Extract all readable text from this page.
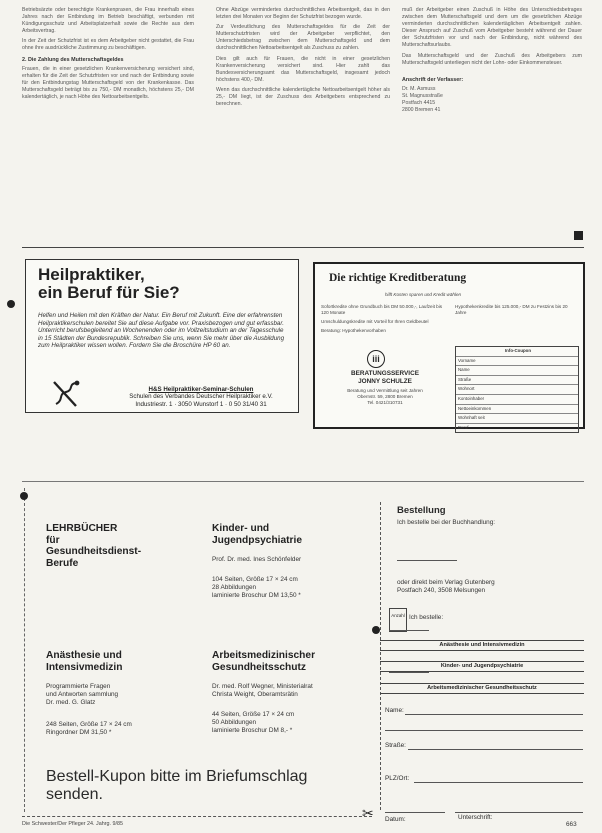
Betriebsärzte oder berechtigte Krankenpraxen, die Frau innerhalb eines Jahres nach der Entbindung im Betrieb beschäftigt, verbunden mit Kündigungsschutz und Arbeitsplatzerhalt sowie die Rechte aus dem Arbeitsvertrag.

In der Zeit der Schutzfrist ist es dem Arbeitgeber nicht gestattet, die Frau ohne ihre ausdrückliche Zustimmung zu beschäftigen.

2. Die Zahlung des Mutterschaftsgeldes

Frauen, die in einer gesetzlichen Krankenversicherung versichert sind, erhalten für die Zeit der Schutzfristen vor und nach der Entbindung sowie für den Entbindungstag Mutterschaftsgeld von der Krankenkasse. Das Mutterschaftsgeld beträgt bis zu 750,- DM monatlich, höchstens 25,- DM kalendertäglich, je nach Höhe des Nettoarbeitsentgelts.

Ohne Abzüge vermindertes durchschnittliches Arbeitsentgelt, das in den letzten drei Monaten vor Beginn der Schutzfrist bezogen wurde.

Zur Verdeutlichung des Mutterschaftsgeldes für die Zeit der Mutterschutzfristen wird der Arbeitgeber verpflichtet, den Unterschiedsbetrag zwischen dem Mutterschaftsgeld und dem durchschnittlichen Nettoarbeitsentgelt als Zuschuss zu zahlen.

Dies gilt auch für Frauen, die nicht in einer gesetzlichen Krankenversicherung versichert sind. Hier zahlt das Bundesversicherungsamt das Mutterschaftsgeld, insgesamt jedoch höchstens 400,- DM.

Wenn das durchschnittliche kalendertägliche Nettoarbeitsentgelt höher als 25,- DM liegt, ist der Zuschuss des Arbeitgebers entsprechend zu berechnen.

muß der Arbeitgeber einen Zuschuß in Höhe des Unterschiedsbetrages zwischen dem Mutterschaftsgeld und dem um die gesetzlichen Abzüge verminderten durchschnittlichen kalendertäglichen Arbeitsentgelt zahlen. Dieser Anspruch auf Zuschuß vom Arbeitgeber besteht während der Dauer der Schutzfristen vor und nach der Entbindung, nicht während des Mutterschaftsurlaubs.

Das Mutterschaftsgeld und der Zuschuß des Arbeitgebers zum Mutterschaftsgeld unterliegen nicht der Lohn- oder Einkommensteuer.

Anschrift der Verfasser:
Dr. M. Asmuss
St. Magnusstraße
Postfach 4415
2800 Bremen 41
Heilpraktiker,
ein Beruf für Sie?
Helfen und Heilen mit den Kräften der Natur. Ein Beruf mit Zukunft. Eine der erfahrensten Heilpraktikerschulen bereitet Sie auf diese Aufgabe vor. Praxisbezogen und gut erfassbar. Unterricht berufsbegleitend an Wochenenden oder im Vollzeitstudium an der Tagesschule in 15 Städten der Bundesrepublik. Schreiben Sie uns, wenn Sie mehr über die Ausbildung zum Heilpraktiker wissen wollen. Fordern Sie die Broschüre HP 60 an.
H&S Heilpraktiker-Seminar-Schulen
Schulen des Verbandes Deutscher Heilpraktiker e.V.
Industriestr. 1 · 3050 Wunstorf 1 · 0 50 31/40 31
Die richtige Kreditberatung
hilft Kosten sparen und Kredit wählen
Sofortkredite ohne Grundbuch bis DM 50.000,-, Laufzeit bis 120 Monate
Umschuldungskredite mit Vorteil für Ihren Geldbeutel
Beratung: Hypothekenvorhaben
Hypothekenkredite bis 125.000,- DM zu Festzins bis 20 Jahre
iii
BERATUNGSSERVICE
JONNY SCHULZE
Beratung und Vermittlung seit Jahren
Obernstr. 59, 2800 Bremen
Tel. 0421/310731
Info-Coupon
Vorname
Name
Straße
Wohnort
Kontoinhaber
Nettoeinkommen
Wohnhaft seit
Beruf
LEHRBÜCHER
für
Gesundheitsdienst-
Berufe
Anästhesie und
Intensivmedizin
Programmierte Fragen
und Antworten sammlung
Dr. med. G. Glatz
248 Seiten, Größe 17 × 24 cm
Ringordner DM 31,50 *
Kinder- und
Jugendpsychiatrie
Prof. Dr. med. Ines Schönfelder
104 Seiten, Größe 17 × 24 cm
28 Abbildungen
laminierte Broschur DM 13,50 *
Arbeitsmedizinischer
Gesundheitsschutz
Dr. med. Rolf Wegner, Ministerialrat
Christa Weight, Oberamtsrätin
44 Seiten, Größe 17 × 24 cm
50 Abbildungen
laminierte Broschur DM 8,- *
Bestell-Kupon bitte im Briefumschlag senden.
Bestellung
Ich bestelle bei der Buchhandlung:
oder direkt beim Verlag Gutenberg
Postfach 240, 3508 Melsungen
Anzahl Ich bestelle:
Anästhesie und Intensivmedizin
Kinder- und Jugendpsychiatrie
Arbeitsmedizinischer Gesundheitsschutz
Name:
Straße:
PLZ/Ort:
Datum:	Unterschrift:
✂
Die Schwester/Der Pfleger 24. Jahrg. 9/85	663
